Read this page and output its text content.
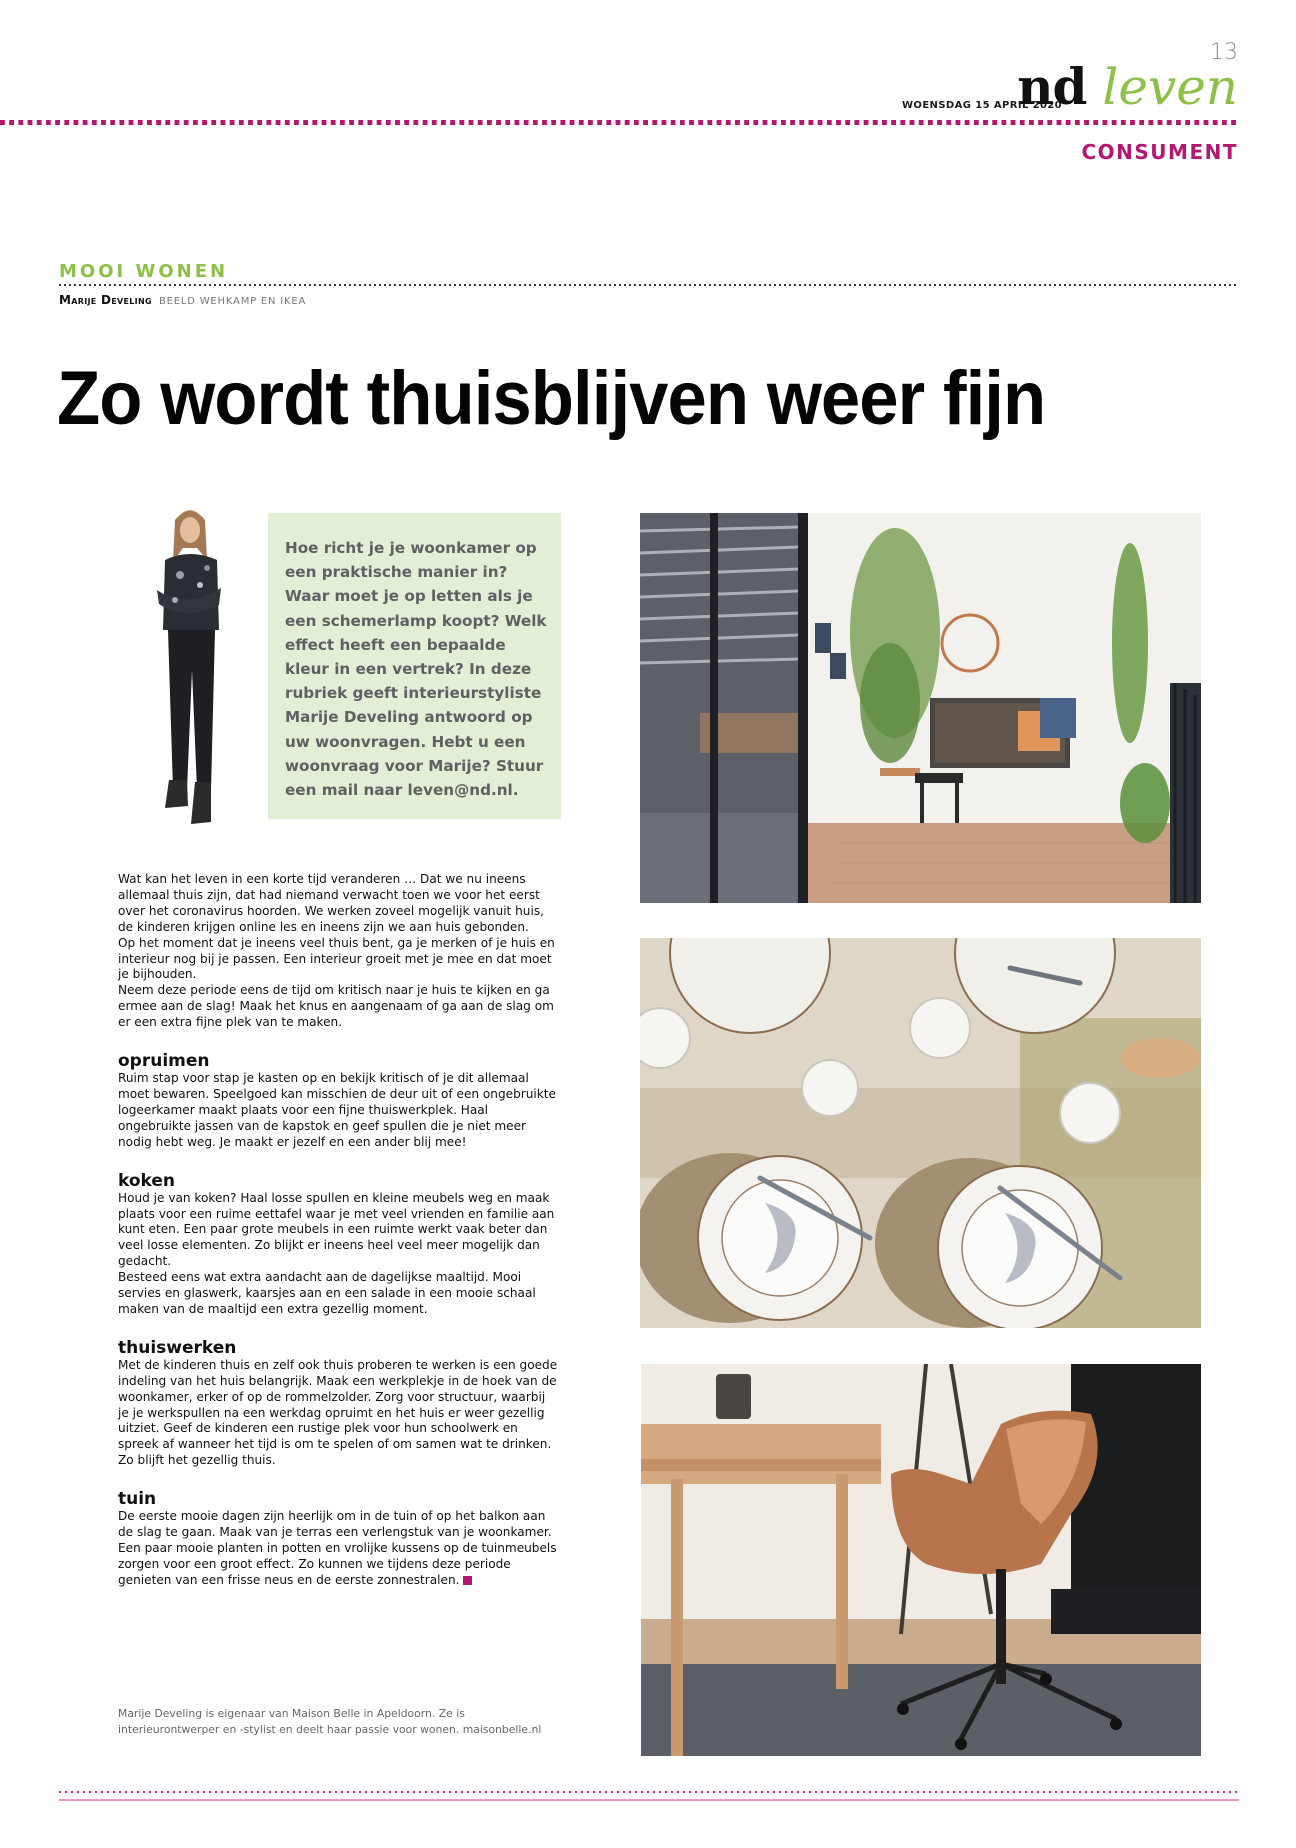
13
WOENSDAG 15 APRIL 2020
nd leven
CONSUMENT
MOOI WONEN
Marije Develing BEELD WEHKAMP EN IKEA
Zo wordt thuisblijven weer fijn

Hoe richt je je woonkamer op een praktische manier in? Waar moet je op letten als je een schemerlamp koopt? Welk effect heeft een bepaalde kleur in een vertrek? In deze rubriek geeft interieurstyliste Marije Develing antwoord op uw woonvragen. Hebt u een woonvraag voor Marije? Stuur een mail naar leven@nd.nl.

Wat kan het leven in een korte tijd veranderen … Dat we nu ineens allemaal thuis zijn, dat had niemand verwacht toen we voor het eerst over het coronavirus hoorden. We werken zoveel mogelijk vanuit huis, de kinderen krijgen online les en ineens zijn we aan huis gebonden.

Op het moment dat je ineens veel thuis bent, ga je merken of je huis en interieur nog bij je passen. Een interieur groeit met je mee en dat moet je bijhouden.

Neem deze periode eens de tijd om kritisch naar je huis te kijken en ga ermee aan de slag! Maak het knus en aangenaam of ga aan de slag om er een extra fijne plek van te maken.

opruimen

Ruim stap voor stap je kasten op en bekijk kritisch of je dit allemaal moet bewaren. Speelgoed kan misschien de deur uit of een ongebruikte logeerkamer maakt plaats voor een fijne thuiswerkplek. Haal ongebruikte jassen van de kapstok en geef spullen die je niet meer nodig hebt weg. Je maakt er jezelf en een ander blij mee!

koken

Houd je van koken? Haal losse spullen en kleine meubels weg en maak plaats voor een ruime eettafel waar je met veel vrienden en familie aan kunt eten. Een paar grote meubels in een ruimte werkt vaak beter dan veel losse elementen. Zo blijkt er ineens heel veel meer mogelijk dan gedacht.

Besteed eens wat extra aandacht aan de dagelijkse maaltijd. Mooi servies en glaswerk, kaarsjes aan en een salade in een mooie schaal maken van de maaltijd een extra gezellig moment.

thuiswerken

Met de kinderen thuis en zelf ook thuis proberen te werken is een goede indeling van het huis belangrijk. Maak een werkplekje in de hoek van de woonkamer, erker of op de rommelzolder. Zorg voor structuur, waarbij je je werkspullen na een werkdag opruimt en het huis er weer gezellig uitziet. Geef de kinderen een rustige plek voor hun schoolwerk en spreek af wanneer het tijd is om te spelen of om samen wat te drinken. Zo blijft het gezellig thuis.

tuin

De eerste mooie dagen zijn heerlijk om in de tuin of op het balkon aan de slag te gaan. Maak van je terras een verlengstuk van je woonkamer. Een paar mooie planten in potten en vrolijke kussens op de tuinmeubels zorgen voor een groot effect. Zo kunnen we tijdens deze periode genieten van een frisse neus en de eerste zonnestralen.

Marije Develing is eigenaar van Maison Belle in Apeldoorn. Ze is interieurontwerper en -stylist en deelt haar passie voor wonen. maisonbelle.nl
